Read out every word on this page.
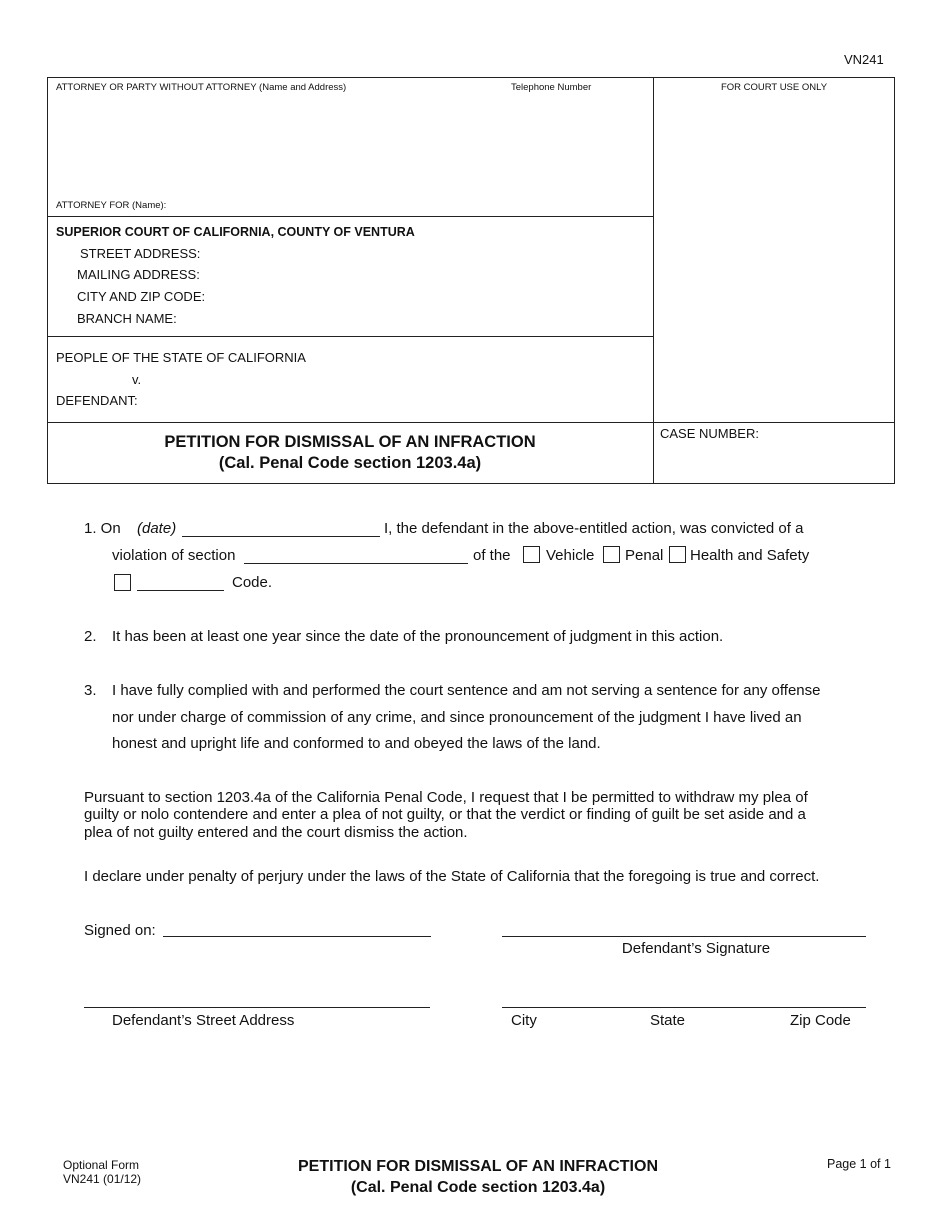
VN241
ATTORNEY OR PARTY WITHOUT ATTORNEY (Name and Address)	Telephone Number	FOR COURT USE ONLY
ATTORNEY FOR (Name):
SUPERIOR COURT OF CALIFORNIA, COUNTY OF VENTURA
STREET ADDRESS:
MAILING ADDRESS:
CITY AND ZIP CODE:
BRANCH NAME:
PEOPLE OF THE STATE OF CALIFORNIA
v.
DEFENDANT:
PETITION FOR DISMISSAL OF AN INFRACTION
(Cal. Penal Code section 1203.4a)
CASE NUMBER:
1. On (date)	I, the defendant in the above-entitled action, was convicted of a
violation of section	of the Vehicle Penal Health and Safety
Code.
2. It has been at least one year since the date of the pronouncement of judgment in this action.
3. I have fully complied with and performed the court sentence and am not serving a sentence for any offense
nor under charge of commission of any crime, and since pronouncement of the judgment I have lived an
honest and upright life and conformed to and obeyed the laws of the land.
Pursuant to section 1203.4a of the California Penal Code, I request that I be permitted to withdraw my plea of
guilty or nolo contendere and enter a plea of not guilty, or that the verdict or finding of guilt be set aside and a
plea of not guilty entered and the court dismiss the action.
I declare under penalty of perjury under the laws of the State of California that the foregoing is true and correct.
Signed on:
Defendant’s Signature
Defendant’s Street Address	City	State	Zip Code
Optional Form
VN241 (01/12)
PETITION FOR DISMISSAL OF AN INFRACTION
(Cal. Penal Code section 1203.4a)
Page 1 of 1
